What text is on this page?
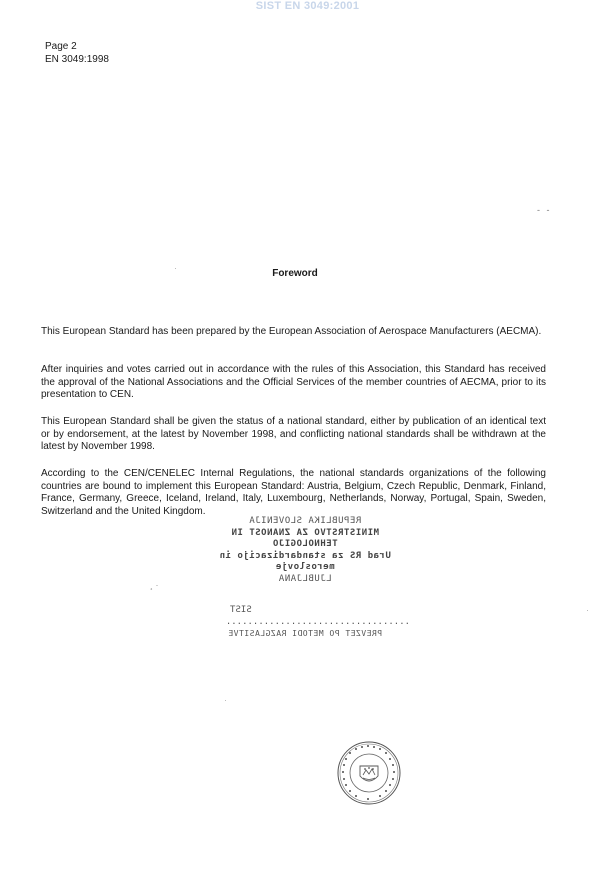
SIST EN 3049:2001
Page 2
EN 3049:1998
- -
Foreword

This European Standard has been prepared by the European Association of Aerospace Manufacturers (AECMA).

After inquiries and votes carried out in accordance with the rules of this Association, this Standard has received the approval of the National Associations and the Official Services of the member countries of AECMA, prior to its presentation to CEN.

This European Standard shall be given the status of a national standard, either by publication of an identical text or by endorsement, at the latest by November 1998, and conflicting national standards shall be withdrawn at the latest by November 1998.

According to the CEN/CENELEC Internal Regulations, the national standards organizations of the following countries are bound to implement this European Standard: Austria, Belgium, Czech Republic, Denmark, Finland, France, Germany, Greece, Iceland, Ireland, Italy, Luxembourg, Netherlands, Norway, Portugal, Spain, Sweden, Switzerland and the United Kingdom.

REPUBLIKA SLOVENIJA
MINISTRSTVO ZA ZNANOST IN TEHNOLOGIJO
Urad RS za standardizacijo in meroslovje
LJUBLJANA
SIST ..................................
PREVZET PO METODI RAZGLASITVE
¸ ·
